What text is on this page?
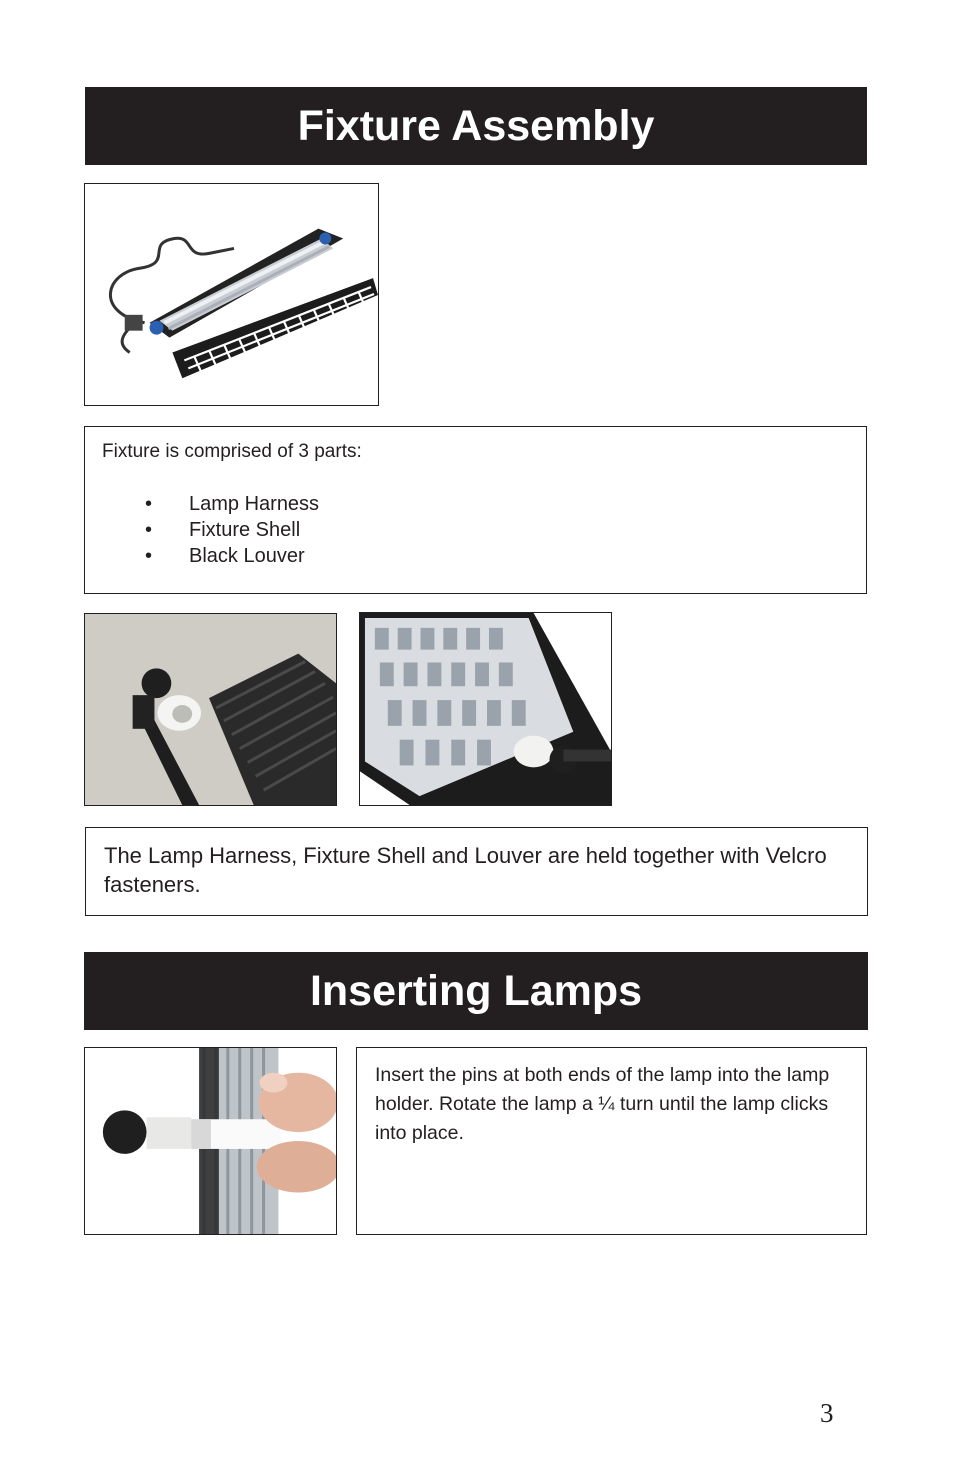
Fixture Assembly
Fixture is comprised of 3 parts:
• Lamp Harness
• Fixture Shell
• Black Louver
The Lamp Harness, Fixture Shell and Louver are held together with Velcro fasteners.
Inserting Lamps
Insert the pins at both ends of the lamp into the lamp holder. Rotate the lamp a ¼ turn until the lamp clicks into place.
3
